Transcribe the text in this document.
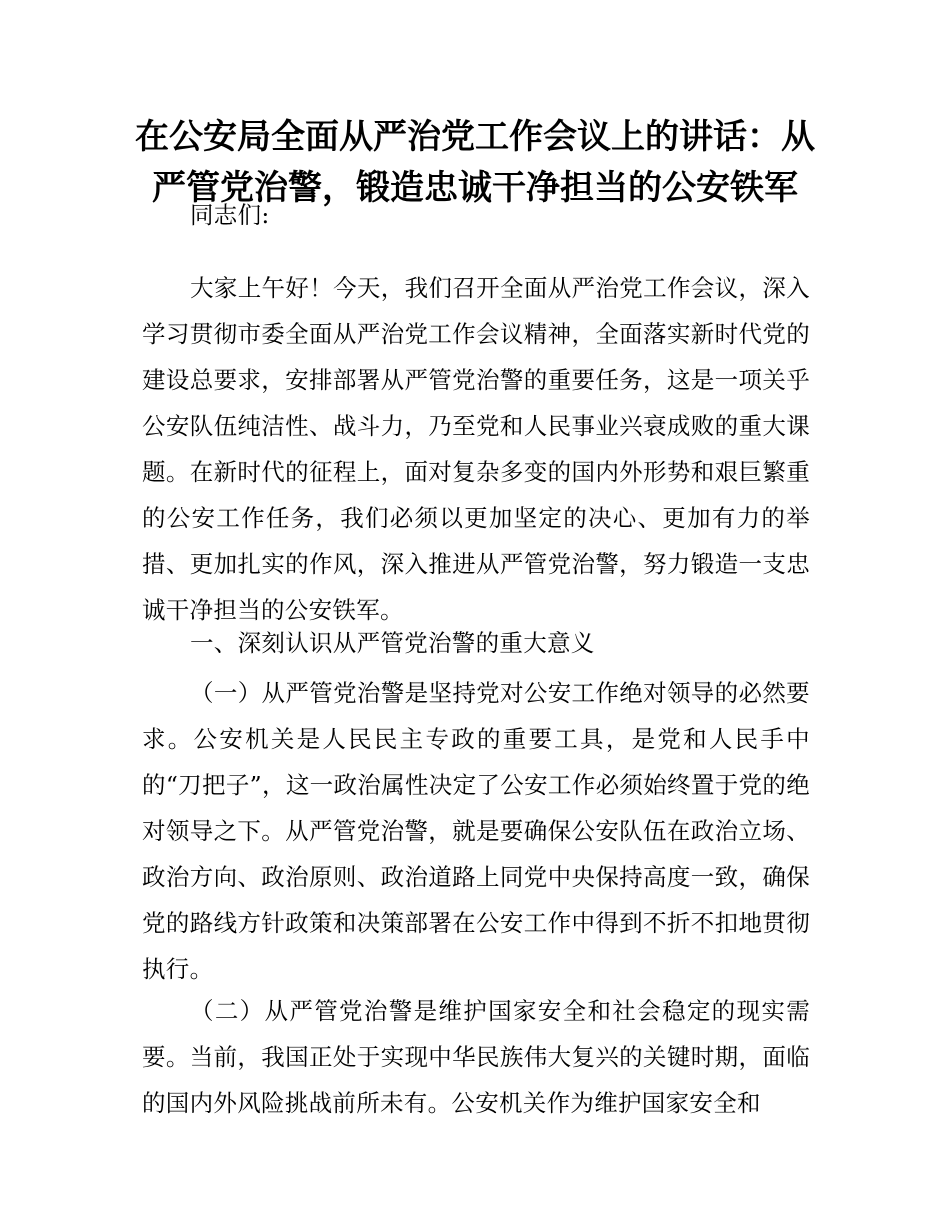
在公安局全面从严治党工作会议上的讲话：从严管党治警，锻造忠诚干净担当的公安铁军

同志们:

大家上午好！今天，我们召开全面从严治党工作会议，深入学习贯彻市委全面从严治党工作会议精神，全面落实新时代党的建设总要求，安排部署从严管党治警的重要任务，这是一项关乎公安队伍纯洁性、战斗力，乃至党和人民事业兴衰成败的重大课题。在新时代的征程上，面对复杂多变的国内外形势和艰巨繁重的公安工作任务，我们必须以更加坚定的决心、更加有力的举措、更加扎实的作风，深入推进从严管党治警，努力锻造一支忠诚干净担当的公安铁军。

一、深刻认识从严管党治警的重大意义

（一）从严管党治警是坚持党对公安工作绝对领导的必然要求。公安机关是人民民主专政的重要工具，是党和人民手中的“刀把子”，这一政治属性决定了公安工作必须始终置于党的绝对领导之下。从严管党治警，就是要确保公安队伍在政治立场、政治方向、政治原则、政治道路上同党中央保持高度一致，确保党的路线方针政策和决策部署在公安工作中得到不折不扣地贯彻执行。

（二）从严管党治警是维护国家安全和社会稳定的现实需要。当前，我国正处于实现中华民族伟大复兴的关键时期，面临的国内外风险挑战前所未有。公安机关作为维护国家安全和
